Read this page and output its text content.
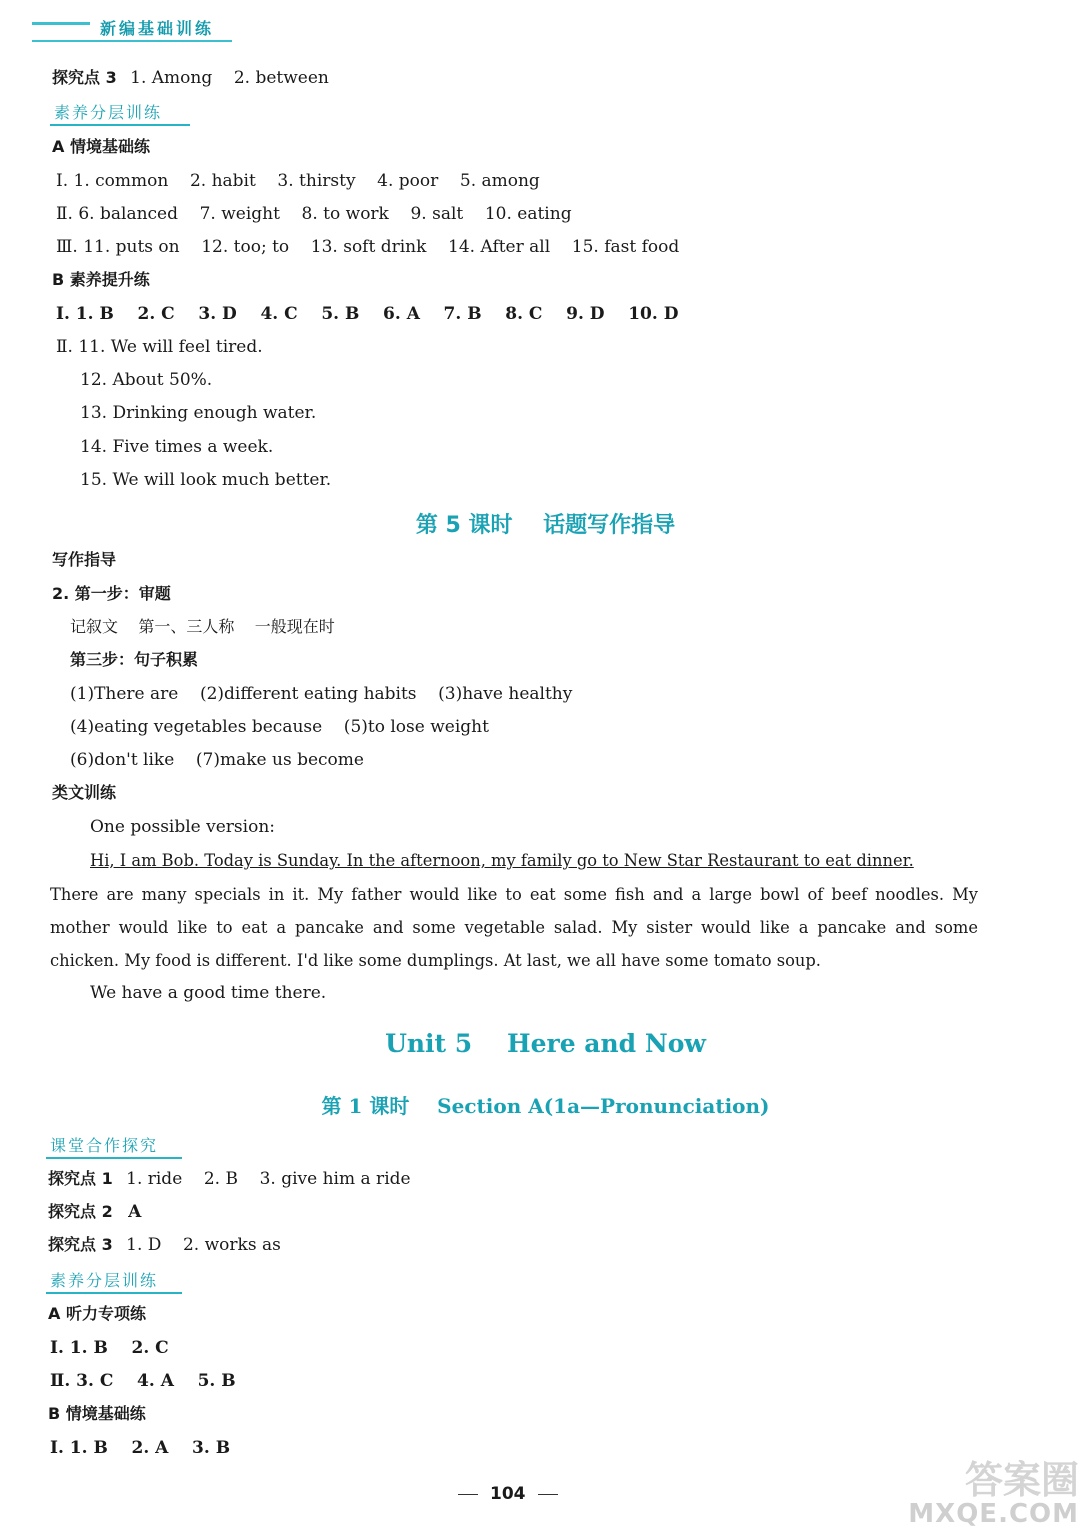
新编基础训练
探究点 3 1. Among    2. between
素养分层训练
A 情境基础练
Ⅰ. 1. common    2. habit    3. thirsty    4. poor    5. among
Ⅱ. 6. balanced    7. weight    8. to work    9. salt    10. eating
Ⅲ. 11. puts on    12. too; to    13. soft drink    14. After all    15. fast food
B 素养提升练
Ⅰ. 1. B    2. C    3. D    4. C    5. B    6. A    7. B    8. C    9. D    10. D
Ⅱ. 11. We will feel tired.
12. About 50%.
13. Drinking enough water.
14. Five times a week.
15. We will look much better.
第 5 课时    话题写作指导
写作指导
2. 第一步：审题
记叙文    第一、三人称    一般现在时
第三步：句子积累
(1)There are    (2)different eating habits    (3)have healthy
(4)eating vegetables because    (5)to lose weight
(6)don't like    (7)make us become
类文训练
One possible version:
Hi, I am Bob. Today is Sunday. In the afternoon, my family go to New Star Restaurant to eat dinner.
There are many specials in it. My father would like to eat some fish and a large bowl of beef noodles. My mother would like to eat a pancake and some vegetable salad. My sister would like a pancake and some chicken. My food is different. I'd like some dumplings. At last, we all have some tomato soup.
We have a good time there.
Unit 5    Here and Now
第 1 课时    Section A(1a—Pronunciation)
课堂合作探究
探究点 1 1. ride    2. B    3. give him a ride
探究点 2 A
探究点 3 1. D    2. works as
素养分层训练
A 听力专项练
Ⅰ. 1. B    2. C
Ⅱ. 3. C    4. A    5. B
B 情境基础练
Ⅰ. 1. B    2. A    3. B
104	答案圈
MXQE.COM
